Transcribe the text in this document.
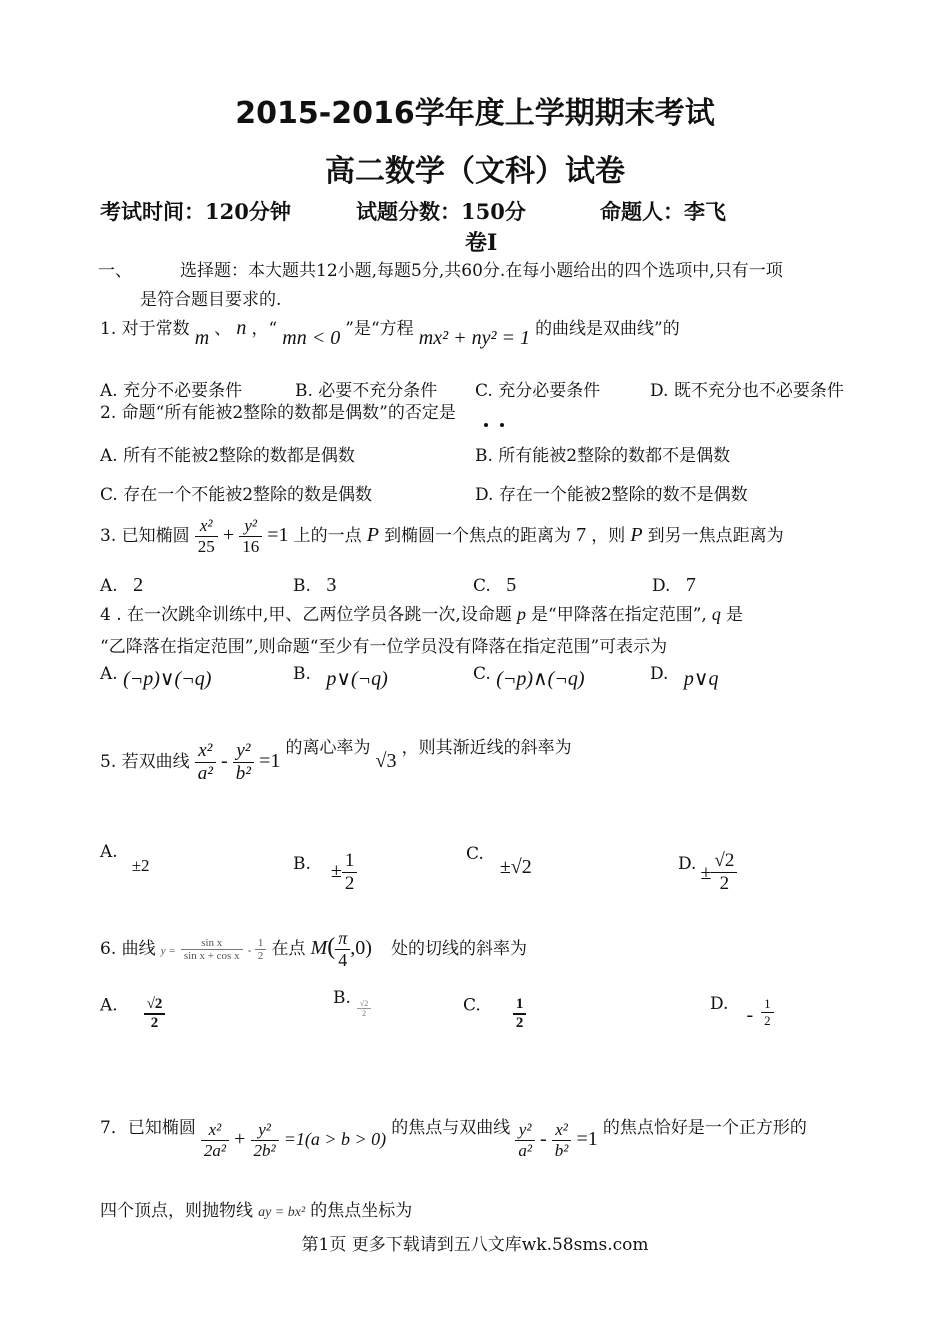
2015-2016学年度上学期期末考试
高二数学（文科）试卷
考试时间：120分钟	试题分数：150分	命题人：李飞
卷Ⅰ
一、	选择题：本大题共12小题,每题5分,共60分.在每小题给出的四个选项中,只有一项
是符合题目要求的.
1. 对于常数 m 、 n ，“ mn < 0 ”是“方程 mx² + ny² = 1 的曲线是双曲线”的
A. 充分不必要条件	B. 必要不充分条件 C. 充分必要条件	D. 既不充分也不必要条件
2. 命题“所有能被2整除的数都是偶数”的否定是
A. 所有不能被2整除的数都是偶数	B. 所有能被2整除的数都不是偶数
C. 存在一个不能被2整除的数是偶数	D. 存在一个能被2整除的数不是偶数
3. 已知椭圆 $\frac{\text{x²}}{25} + \frac{\text{y²}}{16} =1$ 上的一点 P 到椭圆一个焦点的距离为 7 ，则 P 到另一焦点距离为
A. 2	B. 3	C. 5	D. 7
4 . 在一次跳伞训练中,甲、乙两位学员各跳一次,设命题 p 是“甲降落在指定范围”, q 是
“乙降落在指定范围”,则命题“至少有一位学员没有降落在指定范围”可表示为
A. (¬p)∨(¬q)	B. p∨(¬q)	C. (¬p)∧(¬q)	D. p∨q
5. 若双曲线 $\frac{\text{x²}}{\text{a²}} - \frac{\text{y²}}{\text{b²}} =1$ 的离心率为 √3 ，则其渐近线的斜率为
A.±2	B. ± $\frac{1}{2}$	C.±√2	D. ± $\frac{√2}{2}$
6. 曲线 $y = \frac{\text{sin x}}{\text{sin x + cos x}} - \frac{1}{2}$ 在点 $M( \frac{\pi}{4} ,0)$ 处的切线的斜率为
A. $\frac{√2}{2}$	B.
$\frac{√2}{2}$	C. $\frac{1}{2}$	D. - $\frac{1}{2}$
7．已知椭圆 $\frac{\text{x²}}{\text{2a²}} + \frac{\text{y²}}{\text{2b²}} =1(a > b > 0)$ 的焦点与双曲线 $\frac{\text{y²}}{\text{a²}} - \frac{\text{x²}}{\text{b²}} =1$ 的焦点恰好是一个正方形的
四个顶点，则抛物线 ay = bx² 的焦点坐标为
第1页 更多下载请到五八文库wk.58sms.com
